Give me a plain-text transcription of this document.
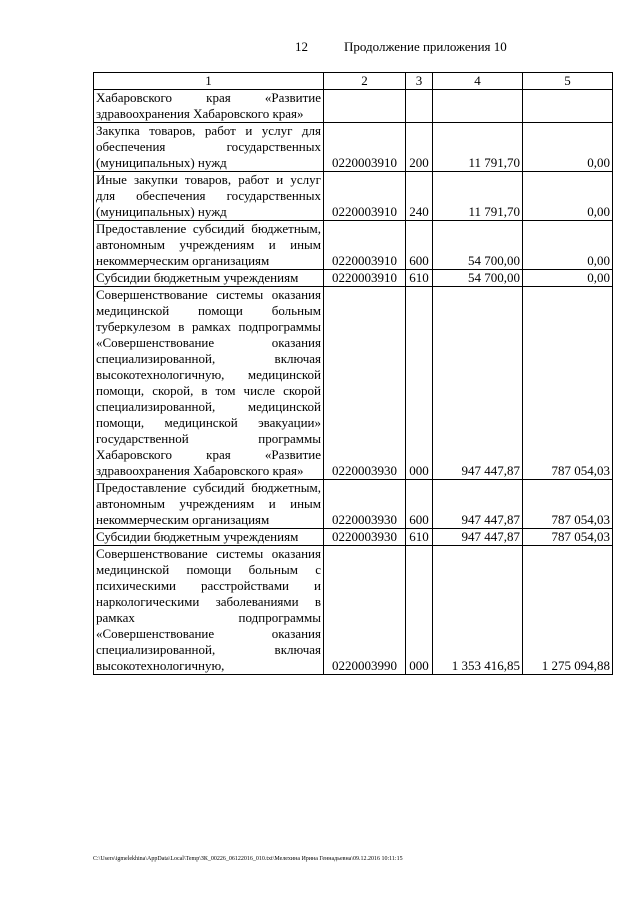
12	Продолжение приложения 10
1	2	3	4	5

Хабаровского края «Развитие здравоохранения Хабаровского края»				

Закупка товаров, работ и услуг для обеспечения государственных (муниципальных) нужд	0220003910	200	11 791,70	0,00

Иные закупки товаров, работ и услуг для обеспечения государственных (муниципальных) нужд	0220003910	240	11 791,70	0,00

Предоставление субсидий бюджетным, автономным учреждениям и иным некоммерческим организациям	0220003910	600	54 700,00	0,00

Субсидии бюджетным учреждениям	0220003910	610	54 700,00	0,00

Совершенствование системы оказания медицинской помощи больным туберкулезом в рамках подпрограммы «Совершенствование оказания специализированной, включая высокотехнологичную, медицинской помощи, скорой, в том числе скорой специализированной, медицинской помощи, медицинской эвакуации» государственной программы Хабаровского края «Развитие здравоохранения Хабаровского края»	0220003930	000	947 447,87	787 054,03

Предоставление субсидий бюджетным, автономным учреждениям и иным некоммерческим организациям	0220003930	600	947 447,87	787 054,03

Субсидии бюджетным учреждениям	0220003930	610	947 447,87	787 054,03

Совершенствование системы оказания медицинской помощи больным с психическими расстройствами и наркологическими заболеваниями в рамках подпрограммы «Совершенствование оказания специализированной, включая высокотехнологичную,	0220003990	000	1 353 416,85	1 275 094,88
C:\Users\igmelekhina\AppData\Local\Temp\ЗК_00226_06122016_010.txt\Мелехина Ирина Геннадьевна\09.12.2016 10:11:15
